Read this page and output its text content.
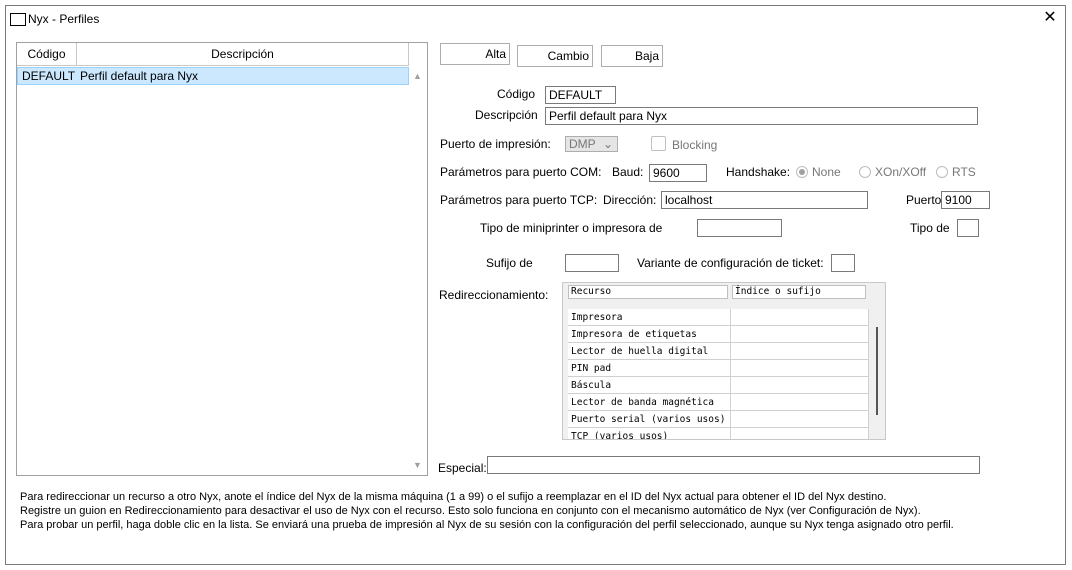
Nyx - Perfiles	✕
Código	Descripción
DEFAULT Perfil default para Nyx	▲
▼
Alta	Cambio	Baja
Código	DEFAULT
Descripción Perfil default para Nyx
Puerto de impresión:	DMP ⌄	Blocking
Parámetros para puerto COM: Baud: 9600	Handshake: None	XOn/XOff RTS
Parámetros para puerto TCP: Dirección: localhost	Puerto 9100
Tipo de miniprinter o impresora de	Tipo de
Sufijo de	Variante de configuración de ticket:
Redireccionamiento:	Recurso	Índice o sufijo
Impresora
Impresora de etiquetas
Lector de huella digital
PIN pad
Báscula
Lector de banda magnética
Puerto serial (varios usos)
TCP (varios usos)
Especial:
Para redireccionar un recurso a otro Nyx, anote el índice del Nyx de la misma máquina (1 a 99) o el sufijo a reemplazar en el ID del Nyx actual para obtener el ID del Nyx destino.
Registre un guion en Redireccionamiento para desactivar el uso de Nyx con el recurso. Esto solo funciona en conjunto con el mecanismo automático de Nyx (ver Configuración de Nyx).
Para probar un perfil, haga doble clic en la lista. Se enviará una prueba de impresión al Nyx de su sesión con la configuración del perfil seleccionado, aunque su Nyx tenga asignado otro perfil.
